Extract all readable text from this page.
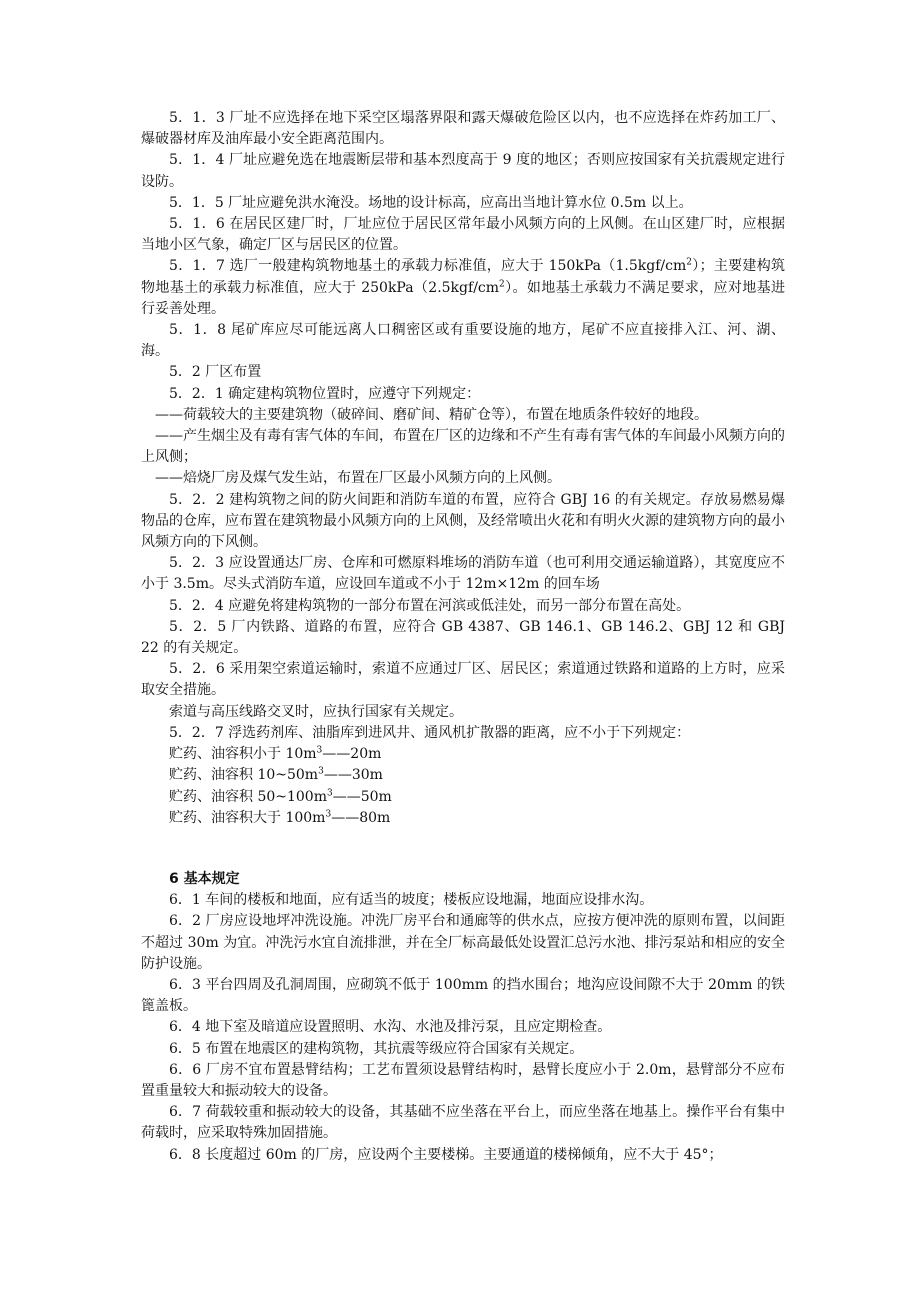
5．1．3 厂址不应选择在地下采空区塌落界限和露天爆破危险区以内，也不应选择在炸药加工厂、爆破器材库及油库最小安全距离范围内。

5．1．4 厂址应避免选在地震断层带和基本烈度高于 9 度的地区；否则应按国家有关抗震规定进行设防。

5．1．5 厂址应避免洪水淹没。场地的设计标高，应高出当地计算水位 0.5m 以上。

5．1．6 在居民区建厂时，厂址应位于居民区常年最小风频方向的上风侧。在山区建厂时，应根据当地小区气象，确定厂区与居民区的位置。

5．1．7 选厂一般建构筑物地基土的承载力标准值，应大于 $150kPa(1.5kgf/cm^2)$；主要建构筑物地基土的承载力标准值，应大于 $250kPa(2.5kgf/cm^2)$。如地基土承载力不满足要求，应对地基进行妥善处理。

5．1．8 尾矿库应尽可能远离人口稠密区或有重要设施的地方，尾矿不应直接排入江、河、湖、海。

5．2 厂区布置

5．2．1 确定建构筑物位置时，应遵守下列规定：

——荷载较大的主要建筑物（破碎间、磨矿间、精矿仓等），布置在地质条件较好的地段。

——产生烟尘及有毒有害气体的车间，布置在厂区的边缘和不产生有毒有害气体的车间最小风频方向的上风侧；

——焙烧厂房及煤气发生站，布置在厂区最小风频方向的上风侧。

5．2．2 建构筑物之间的防火间距和消防车道的布置，应符合 GBJ 16 的有关规定。存放易燃易爆物品的仓库，应布置在建筑物最小风频方向的上风侧，及经常喷出火花和有明火火源的建筑物方向的最小风频方向的下风侧。

5．2．3 应设置通达厂房、仓库和可燃原料堆场的消防车道（也可利用交通运输道路），其宽度应不小于 3.5m。尽头式消防车道，应设回车道或不小于 12m×12m 的回车场

5．2．4 应避免将建构筑物的一部分布置在河滨或低洼处，而另一部分布置在高处。

5．2．5 厂内铁路、道路的布置，应符合 GB 4387、GB 146.1、GB 146.2、GBJ 12 和 GBJ 22 的有关规定。

5．2．6 采用架空索道运输时，索道不应通过厂区、居民区；索道通过铁路和道路的上方时，应采取安全措施。

索道与高压线路交叉时，应执行国家有关规定。

5．2．7 浮选药剂库、油脂库到进风井、通风机扩散器的距离，应不小于下列规定：

贮药、油容积小于 $10m^3——20m$

贮药、油容积 $10\sim 50m^3——30m$

贮药、油容积 $50\sim 100m^3——50m$

贮药、油容积大于 $100m^3——80m$

6 基本规定

6．1 车间的楼板和地面，应有适当的坡度；楼板应设地漏，地面应设排水沟。

6．2 厂房应设地坪冲洗设施。冲洗厂房平台和通廊等的供水点，应按方便冲洗的原则布置，以间距不超过 30m 为宜。冲洗污水宜自流排泄，并在全厂标高最低处设置汇总污水池、排污泵站和相应的安全防护设施。

6．3 平台四周及孔洞周围，应砌筑不低于 100mm 的挡水围台；地沟应设间隙不大于 20mm 的铁篦盖板。

6．4 地下室及暗道应设置照明、水沟、水池及排污泵，且应定期检查。

6．5 布置在地震区的建构筑物，其抗震等级应符合国家有关规定。

6．6 厂房不宜布置悬臂结构；工艺布置须设悬臂结构时，悬臂长度应小于 2.0m，悬臂部分不应布置重量较大和振动较大的设备。

6．7 荷载较重和振动较大的设备，其基础不应坐落在平台上，而应坐落在地基上。操作平台有集中荷载时，应采取特殊加固措施。

6．8 长度超过 60m 的厂房，应设两个主要楼梯。主要通道的楼梯倾角，应不大于 45°；
